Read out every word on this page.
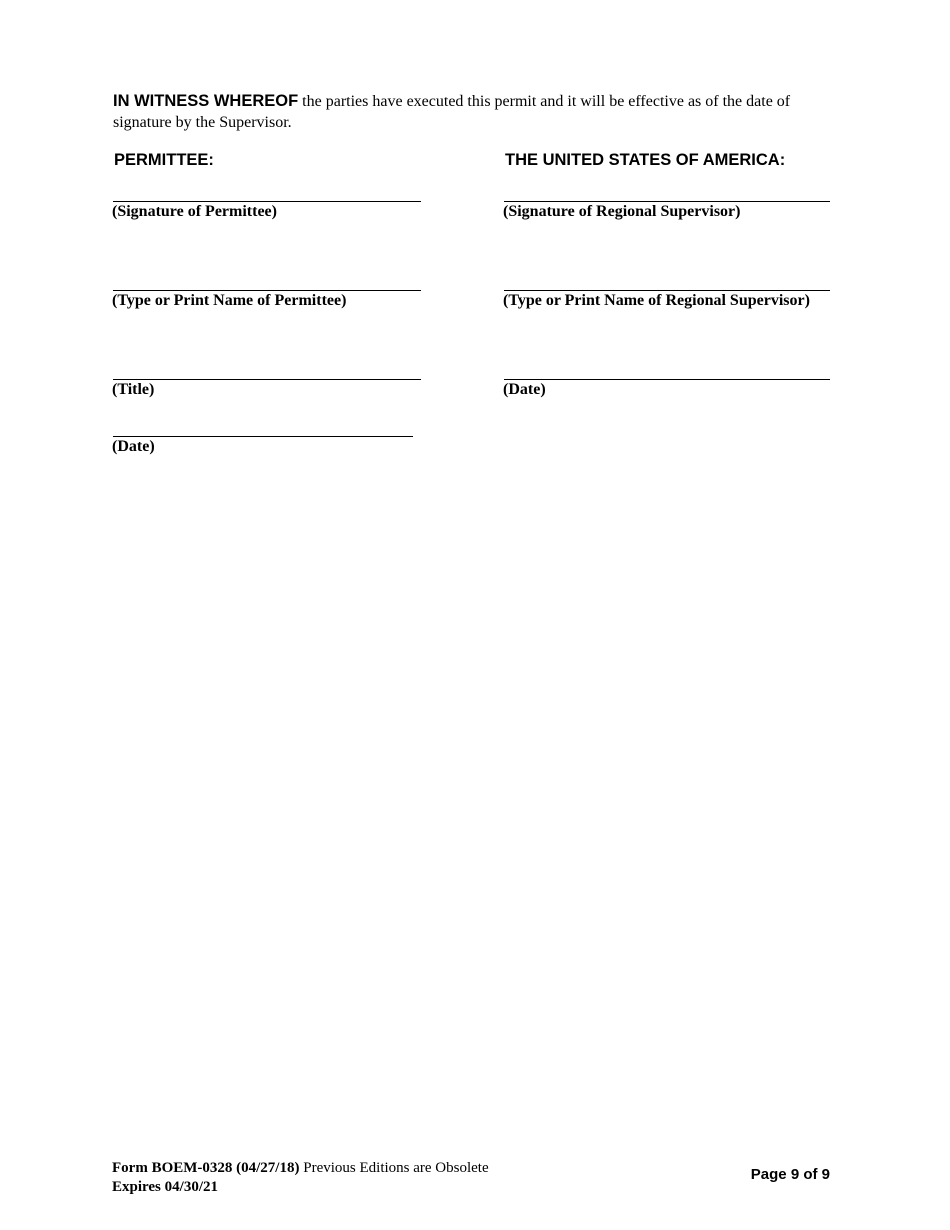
IN WITNESS WHEREOF the parties have executed this permit and it will be effective as of the date of signature by the Supervisor.
PERMITTEE:
(Signature of Permittee)
(Type or Print Name of Permittee)
(Title)
(Date)
THE UNITED STATES OF AMERICA:
(Signature of Regional Supervisor)
(Type or Print Name of Regional Supervisor)
(Date)
Form BOEM-0328 (04/27/18) Previous Editions are Obsolete
Expires 04/30/21
Page 9 of 9
